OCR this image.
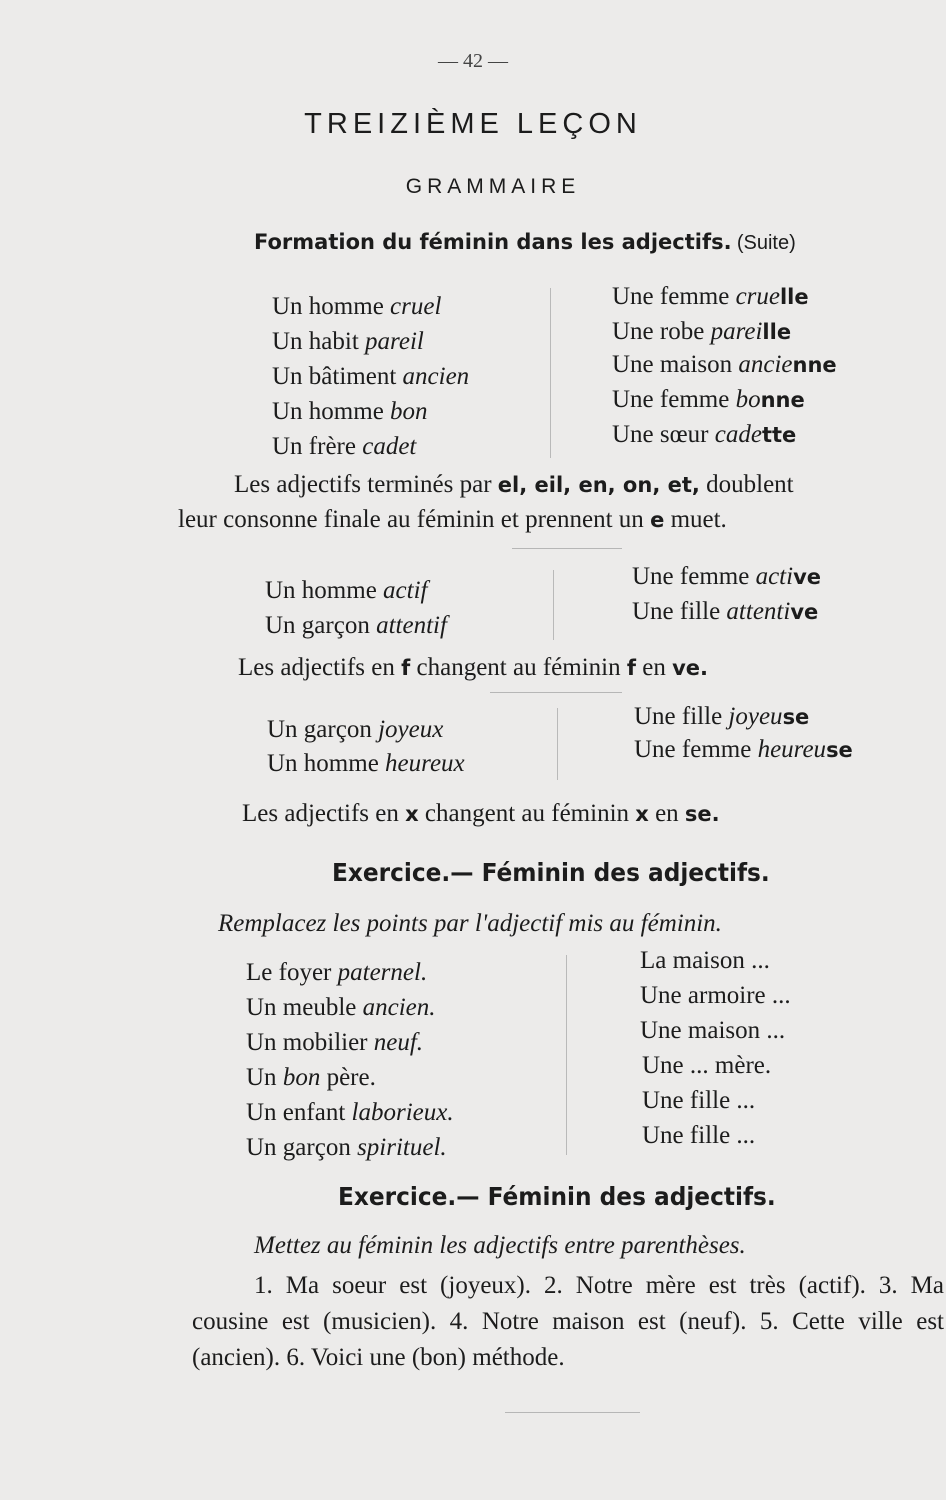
— 42 —
TREIZIÈME LEÇON
GRAMMAIRE
Formation du féminin dans les adjectifs. (Suite)
Un homme cruel
Un habit pareil
Un bâtiment ancien
Un homme bon
Un frère cadet
Une femme cruelle
Une robe pareille
Une maison ancienne
Une femme bonne
Une sœur cadette
Les adjectifs terminés par el, eil, en, on, et, doublent
leur consonne finale au féminin et prennent un e muet.
Un homme actif
Un garçon attentif
Une femme active
Une fille attentive
Les adjectifs en f changent au féminin f en ve.
Un garçon joyeux
Un homme heureux
Une fille joyeuse
Une femme heureuse
Les adjectifs en x changent au féminin x en se.
Exercice.— Féminin des adjectifs.
Remplacez les points par l'adjectif mis au féminin.
Le foyer paternel.
Un meuble ancien.
Un mobilier neuf.
Un bon père.
Un enfant laborieux.
Un garçon spirituel.
La maison ...
Une armoire ...
Une maison ...
Une ... mère.
Une fille ...
Une fille ...
Exercice.— Féminin des adjectifs.
Mettez au féminin les adjectifs entre parenthèses.
1. Ma soeur est (joyeux). 2. Notre mère est très (actif). 3. Ma cousine est (musicien). 4. Notre maison est (neuf). 5. Cette ville est (ancien). 6. Voici une (bon) méthode.
